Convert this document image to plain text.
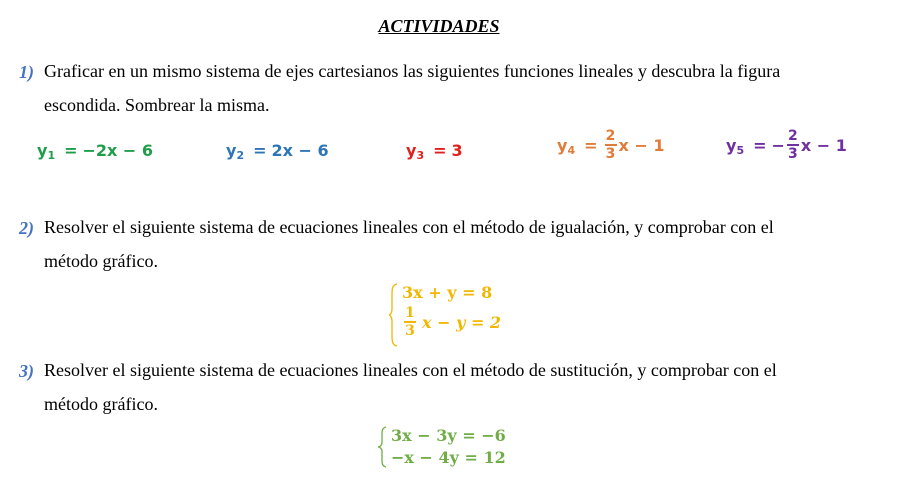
ACTIVIDADES
1) Graficar en un mismo sistema de ejes cartesianos las siguientes funciones lineales y descubra la figura
escondida. Sombrear la misma.
y 1 = −2x − 6	y 2 = 2x − 6	y 3 = 3	y $4 = \frac{2}{3}$ x − 1	y 5 = − $\frac{2}{3}$ x − 1
2) Resolver el siguiente sistema de ecuaciones lineales con el método de igualación, y comprobar con el
método gráfico.
3x + y = 8
$\frac{1}{3}$ x − y = 2
3) Resolver el siguiente sistema de ecuaciones lineales con el método de sustitución, y comprobar con el
método gráfico.
3x − 3y = −6
−x − 4y = 12
